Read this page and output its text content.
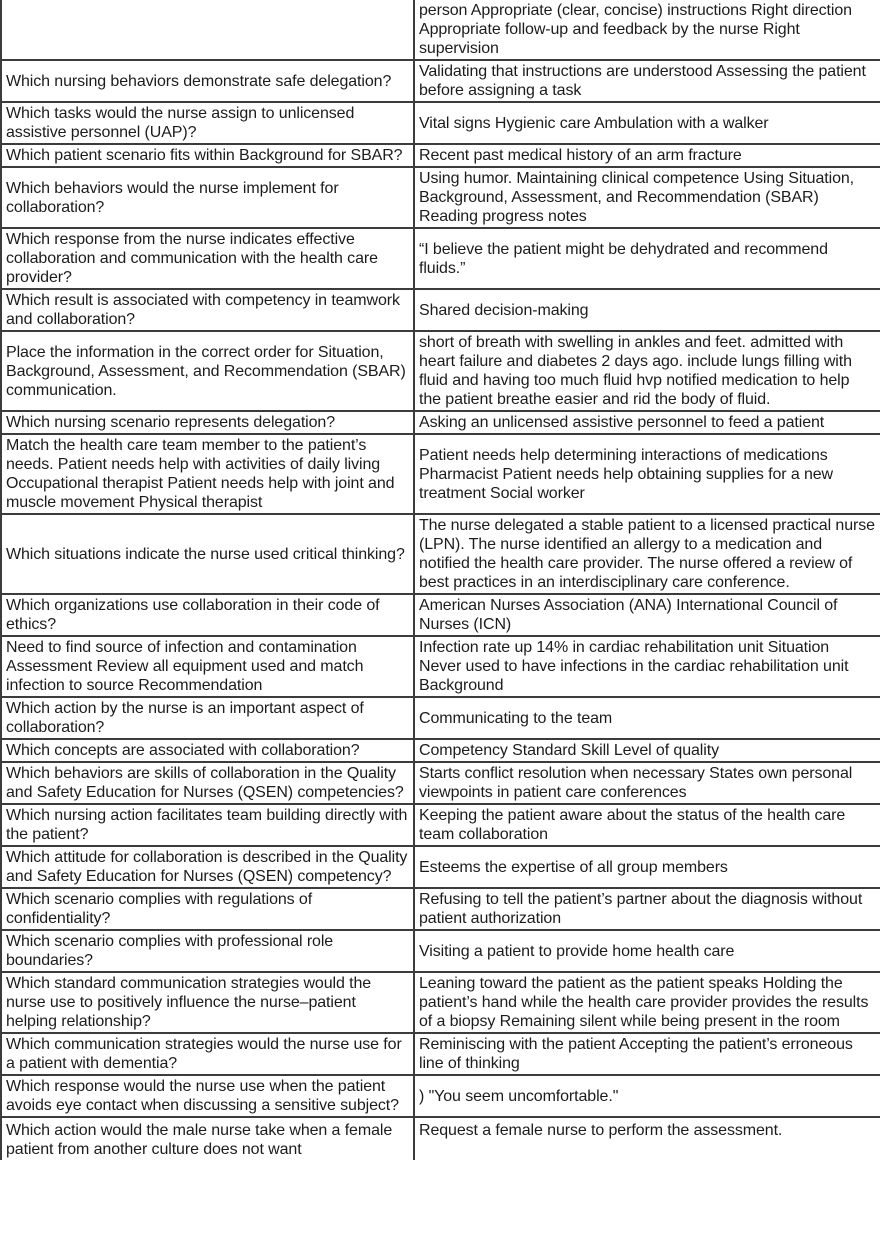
	person Appropriate (clear, concise) instructions Right direction Appropriate follow-up and feedback by the nurse Right supervision
Which nursing behaviors demonstrate safe delegation?	Validating that instructions are understood Assessing the patient before assigning a task
Which tasks would the nurse assign to unlicensed assistive personnel (UAP)?	Vital signs Hygienic care Ambulation with a walker
Which patient scenario fits within Background for SBAR?	Recent past medical history of an arm fracture
Which behaviors would the nurse implement for collaboration?	Using humor. Maintaining clinical competence Using Situation, Background, Assessment, and Recommendation (SBAR) Reading progress notes
Which response from the nurse indicates effective collaboration and communication with the health care provider?	“I believe the patient might be dehydrated and recommend fluids.”
Which result is associated with competency in teamwork and collaboration?	Shared decision-making
Place the information in the correct order for Situation, Background, Assessment, and Recommendation (SBAR) communication.	short of breath with swelling in ankles and feet. admitted with heart failure and diabetes 2 days ago. include lungs filling with fluid and having too much fluid hvp notified medication to help the patient breathe easier and rid the body of fluid.
Which nursing scenario represents delegation?	Asking an unlicensed assistive personnel to feed a patient
Match the health care team member to the patient’s needs. Patient needs help with activities of daily living Occupational therapist Patient needs help with joint and muscle movement Physical therapist	Patient needs help determining interactions of medications Pharmacist Patient needs help obtaining supplies for a new treatment Social worker
Which situations indicate the nurse used critical thinking?	The nurse delegated a stable patient to a licensed practical nurse (LPN). The nurse identified an allergy to a medication and notified the health care provider. The nurse offered a review of best practices in an interdisciplinary care conference.
Which organizations use collaboration in their code of ethics?	American Nurses Association (ANA) International Council of Nurses (ICN)
Need to find source of infection and contamination Assessment Review all equipment used and match infection to source Recommendation	Infection rate up 14% in cardiac rehabilitation unit Situation Never used to have infections in the cardiac rehabilitation unit Background
Which action by the nurse is an important aspect of collaboration?	Communicating to the team
Which concepts are associated with collaboration?	Competency Standard Skill Level of quality
Which behaviors are skills of collaboration in the Quality and Safety Education for Nurses (QSEN) competencies?	Starts conflict resolution when necessary States own personal viewpoints in patient care conferences
Which nursing action facilitates team building directly with the patient?	Keeping the patient aware about the status of the health care team collaboration
Which attitude for collaboration is described in the Quality and Safety Education for Nurses (QSEN) competency?	Esteems the expertise of all group members
Which scenario complies with regulations of confidentiality?	Refusing to tell the patient’s partner about the diagnosis without patient authorization
Which scenario complies with professional role boundaries?	Visiting a patient to provide home health care
Which standard communication strategies would the nurse use to positively influence the nurse–patient helping relationship?	Leaning toward the patient as the patient speaks Holding the patient’s hand while the health care provider provides the results of a biopsy Remaining silent while being present in the room
Which communication strategies would the nurse use for a patient with dementia?	Reminiscing with the patient Accepting the patient’s erroneous line of thinking
Which response would the nurse use when the patient avoids eye contact when discussing a sensitive subject?	) "You seem uncomfortable."
Which action would the male nurse take when a female patient from another culture does not want	Request a female nurse to perform the assessment.
